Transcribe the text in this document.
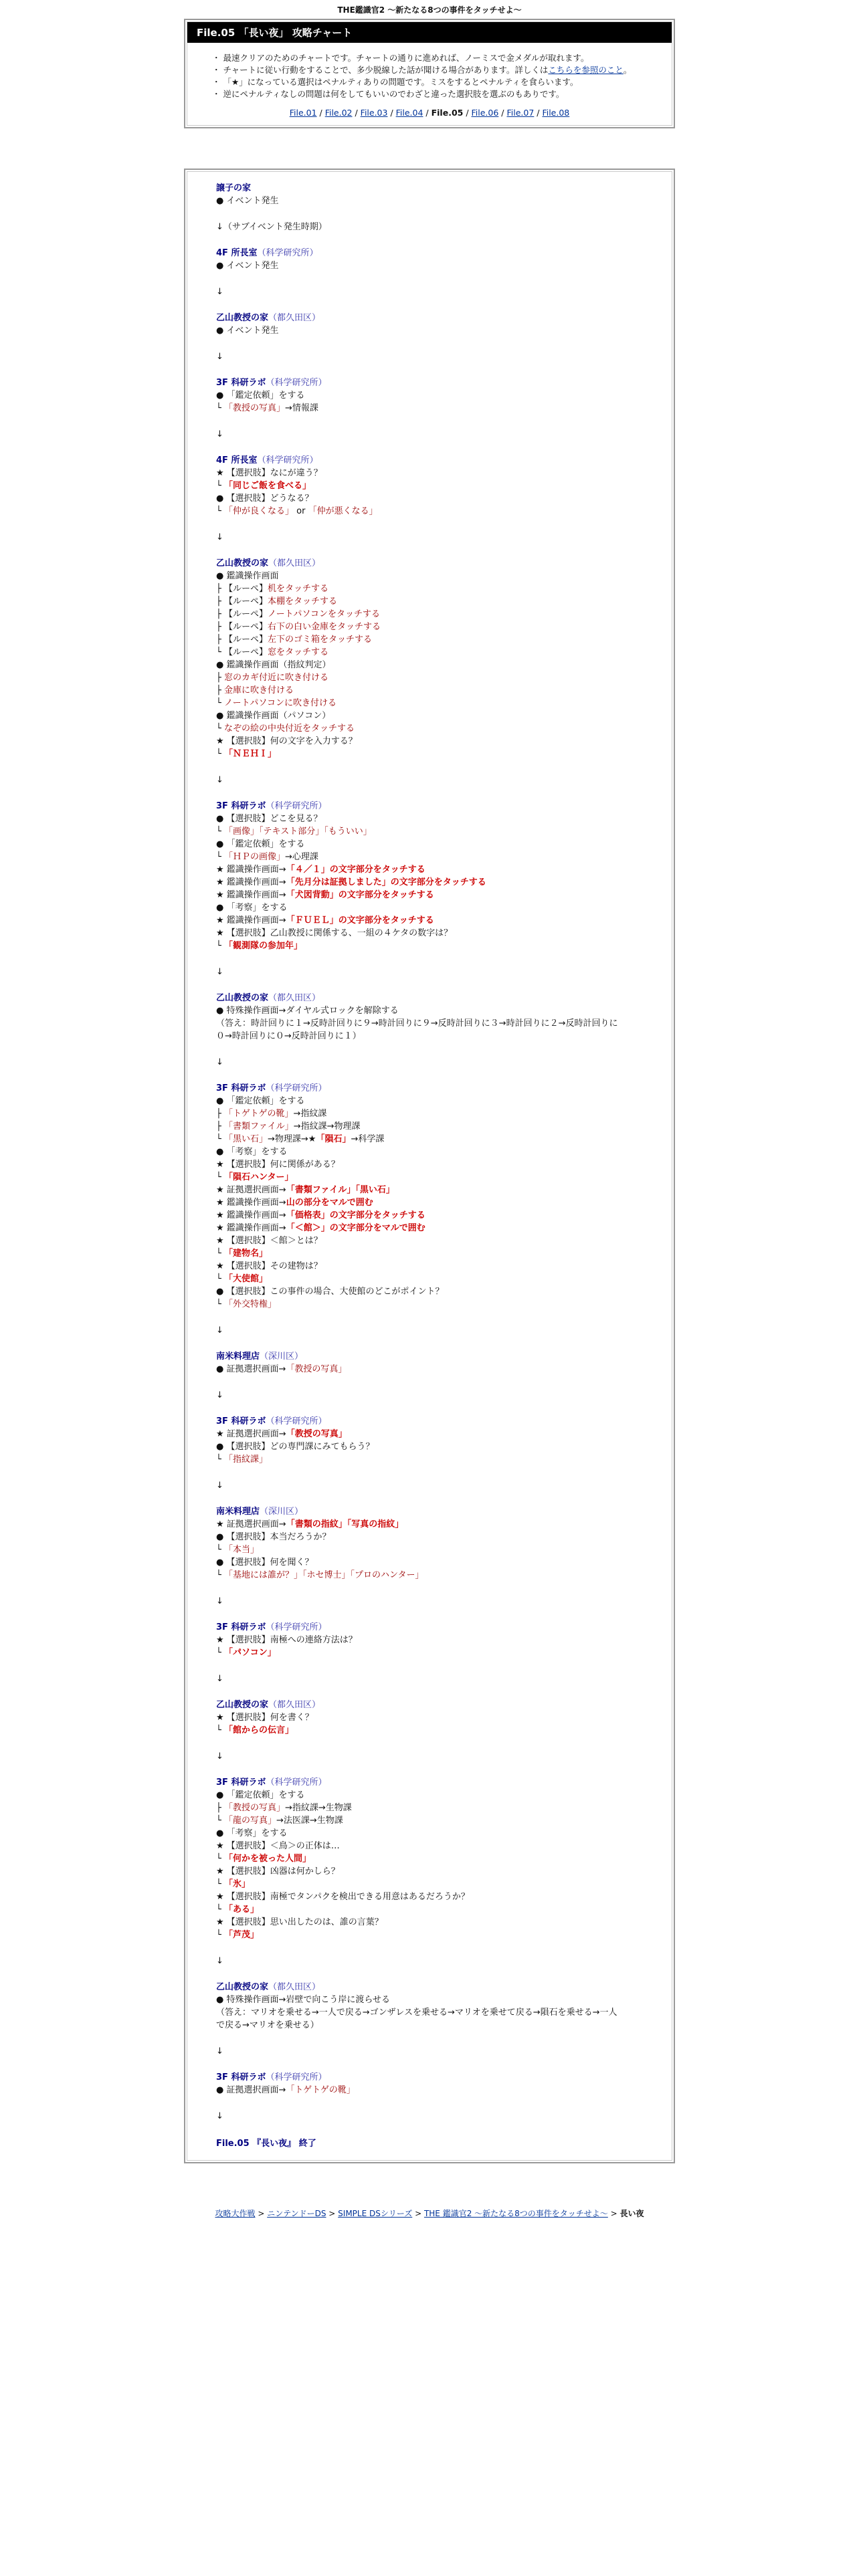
THE鑑識官2 〜新たなる8つの事件をタッチせよ〜
File.05 「長い夜」 攻略チャート

・ 最速クリアのためのチャートです。チャートの通りに進めれば、ノーミスで金メダルが取れます。

・ チャートに従い行動をすることで、多少脱線した話が聞ける場合があります。詳しくはこちらを参照のこと。

・ 「★」になっている選択はペナルティありの問題です。ミスをするとペナルティを食らいます。

・ 逆にペナルティなしの問題は何をしてもいいのでわざと違った選択肢を選ぶのもありです。

File.01 / File.02 / File.03 / File.04 / File.05 / File.06 / File.07 / File.08
譲子の家
● イベント発生
↓（サブイベント発生時期）
4F 所長室（科学研究所）
● イベント発生
↓
乙山教授の家（都久田区）
● イベント発生
↓
3F 科研ラボ（科学研究所）
● 「鑑定依頼」をする
└ 「教授の写真」→情報課
↓
4F 所長室（科学研究所）
★ 【選択肢】なにが違う？
└ 「同じご飯を食べる」
● 【選択肢】どうなる？
└ 「仲が良くなる」 or 「仲が悪くなる」
↓
乙山教授の家（都久田区）
● 鑑識操作画面
├ 【ルーペ】机をタッチする
├ 【ルーペ】本棚をタッチする
├ 【ルーペ】ノートパソコンをタッチする
├ 【ルーペ】右下の白い金庫をタッチする
├ 【ルーペ】左下のゴミ箱をタッチする
└ 【ルーペ】窓をタッチする
● 鑑識操作画面（指紋判定）
├ 窓のカギ付近に吹き付ける
├ 金庫に吹き付ける
└ ノートパソコンに吹き付ける
● 鑑識操作画面（パソコン）
└ なぞの絵の中央付近をタッチする
★ 【選択肢】何の文字を入力する？
└ 「ＮＥＨＩ」
↓
3F 科研ラボ（科学研究所）
● 【選択肢】どこを見る？
└ 「画像」「テキスト部分」「もういい」
● 「鑑定依頼」をする
└ 「ＨＰの画像」→心理課
★ 鑑識操作画面→「４／１」の文字部分をタッチする
★ 鑑識操作画面→「先月分は証拠しました」の文字部分をタッチする
★ 鑑識操作画面→「犬図背動」の文字部分をタッチする
● 「考察」をする
★ 鑑識操作画面→「ＦＵＥＬ」の文字部分をタッチする
★ 【選択肢】乙山教授に関係する、一組の４ケタの数字は？
└ 「観測隊の参加年」
↓
乙山教授の家（都久田区）
● 特殊操作画面→ダイヤル式ロックを解除する
（答え：時計回りに１→反時計回りに９→時計回りに９→反時計回りに３→時計回りに２→反時計回りに
０→時計回りに０→反時計回りに１）
↓
3F 科研ラボ（科学研究所）
● 「鑑定依頼」をする
├ 「トゲトゲの靴」→指紋課
├ 「書類ファイル」→指紋課→物理課
└ 「黒い石」→物理課→★「隕石」→科学課
● 「考察」をする
★ 【選択肢】何に関係がある？
└ 「隕石ハンター」
★ 証拠選択画面→「書類ファイル」「黒い石」
★ 鑑識操作画面→山の部分をマルで囲む
★ 鑑識操作画面→「価格表」の文字部分をタッチする
★ 鑑識操作画面→「＜館＞」の文字部分をマルで囲む
★ 【選択肢】＜館＞とは？
└ 「建物名」
★ 【選択肢】その建物は？
└ 「大使館」
● 【選択肢】この事件の場合、大使館のどこがポイント？
└ 「外交特権」
↓
南米料理店（深川区）
● 証拠選択画面→「教授の写真」
↓
3F 科研ラボ（科学研究所）
★ 証拠選択画面→「教授の写真」
● 【選択肢】どの専門課にみてもらう？
└ 「指紋課」
↓
南米料理店（深川区）
★ 証拠選択画面→「書類の指紋」「写真の指紋」
● 【選択肢】本当だろうか？
└ 「本当」
● 【選択肢】何を聞く？
└ 「基地には誰が？」「ホセ博士」「プロのハンター」
↓
3F 科研ラボ（科学研究所）
★ 【選択肢】南極への連絡方法は？
└ 「パソコン」
↓
乙山教授の家（都久田区）
★ 【選択肢】何を書く？
└ 「館からの伝言」
↓
3F 科研ラボ（科学研究所）
● 「鑑定依頼」をする
├ 「教授の写真」→指紋課→生物課
└ 「龍の写真」→法医課→生物課
● 「考察」をする
★ 【選択肢】＜鳥＞の正体は…
└ 「何かを被った人間」
★ 【選択肢】凶器は何かしら？
└ 「氷」
★ 【選択肢】南極でタンパクを検出できる用意はあるだろうか？
└ 「ある」
★ 【選択肢】思い出したのは、誰の言葉？
└ 「芦茂」
↓
乙山教授の家（都久田区）
● 特殊操作画面→岩壁で向こう岸に渡らせる
（答え：マリオを乗せる→一人で戻る→ゴンザレスを乗せる→マリオを乗せて戻る→隕石を乗せる→一人
で戻る→マリオを乗せる）
↓
3F 科研ラボ（科学研究所）
● 証拠選択画面→「トゲトゲの靴」
↓
File.05 『長い夜』 終了
攻略大作戦 > ニンテンドーDS > SIMPLE DSシリーズ > THE 鑑識官2 〜新たなる8つの事件をタッチせよ〜 > 長い夜
